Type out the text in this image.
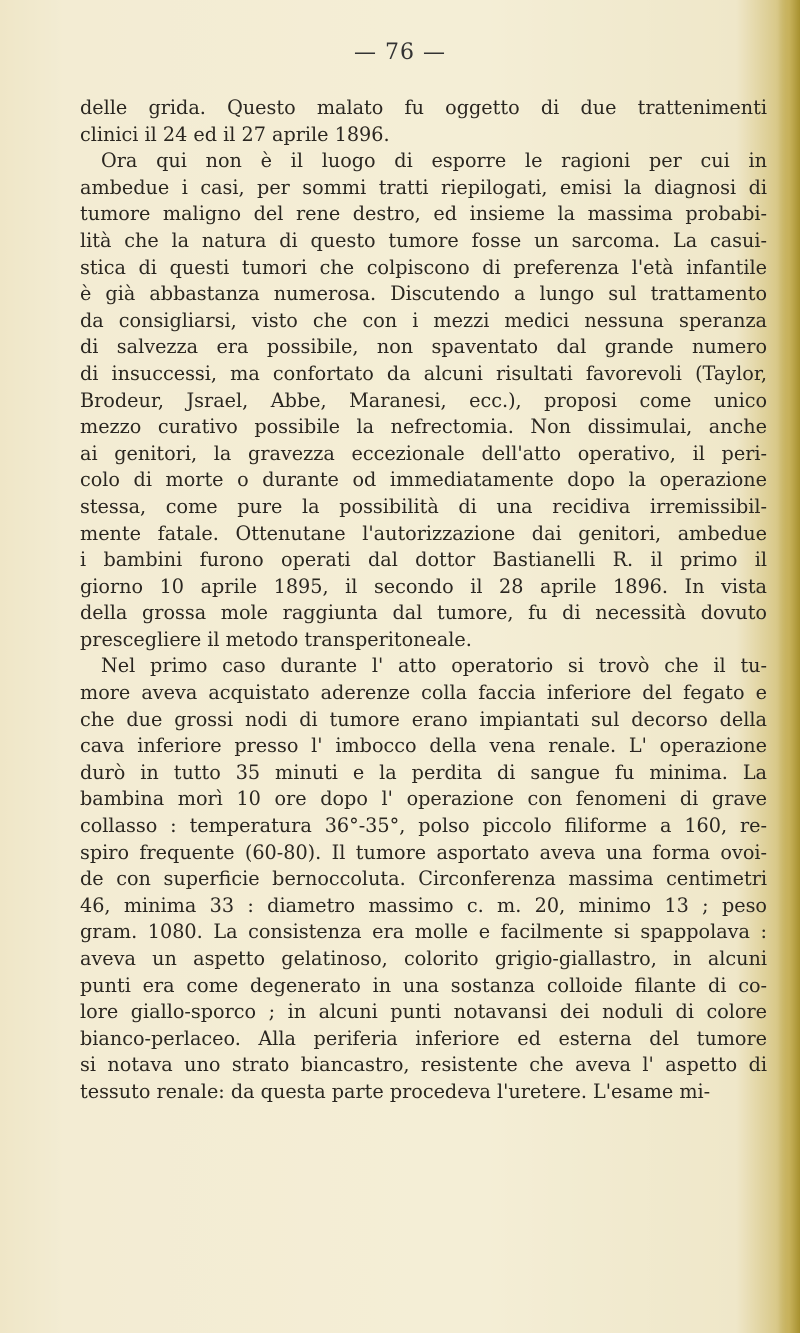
— 76 —
delle grida. Questo malato fu oggetto di due trattenimenti
clinici il 24 ed il 27 aprile 1896.
Ora qui non è il luogo di esporre le ragioni per cui in
ambedue i casi, per sommi tratti riepilogati, emisi la diagnosi di
tumore maligno del rene destro, ed insieme la massima probabi-
lità che la natura di questo tumore fosse un sarcoma. La casui-
stica di questi tumori che colpiscono di preferenza l'età infantile
è già abbastanza numerosa. Discutendo a lungo sul trattamento
da consigliarsi, visto che con i mezzi medici nessuna speranza
di salvezza era possibile, non spaventato dal grande numero
di insuccessi, ma confortato da alcuni risultati favorevoli (Taylor,
Brodeur, Jsrael, Abbe, Maranesi, ecc.), proposi come unico
mezzo curativo possibile la nefrectomia. Non dissimulai, anche
ai genitori, la gravezza eccezionale dell'atto operativo, il peri-
colo di morte o durante od immediatamente dopo la operazione
stessa, come pure la possibilità di una recidiva irremissibil-
mente fatale. Ottenutane l'autorizzazione dai genitori, ambedue
i bambini furono operati dal dottor Bastianelli R. il primo il
giorno 10 aprile 1895, il secondo il 28 aprile 1896. In vista
della grossa mole raggiunta dal tumore, fu di necessità dovuto
prescegliere il metodo transperitoneale.
Nel primo caso durante l' atto operatorio si trovò che il tu-
more aveva acquistato aderenze colla faccia inferiore del fegato e
che due grossi nodi di tumore erano impiantati sul decorso della
cava inferiore presso l' imbocco della vena renale. L' operazione
durò in tutto 35 minuti e la perdita di sangue fu minima. La
bambina morì 10 ore dopo l' operazione con fenomeni di grave
collasso : temperatura 36°-35°, polso piccolo filiforme a 160, re-
spiro frequente (60-80). Il tumore asportato aveva una forma ovoi-
de con superficie bernoccoluta. Circonferenza massima centimetri
46, minima 33 : diametro massimo c. m. 20, minimo 13 ; peso
gram. 1080. La consistenza era molle e facilmente si spappolava :
aveva un aspetto gelatinoso, colorito grigio-giallastro, in alcuni
punti era come degenerato in una sostanza colloide filante di co-
lore giallo-sporco ; in alcuni punti notavansi dei noduli di colore
bianco-perlaceo. Alla periferia inferiore ed esterna del tumore
si notava uno strato biancastro, resistente che aveva l' aspetto di
tessuto renale: da questa parte procedeva l'uretere. L'esame mi-
